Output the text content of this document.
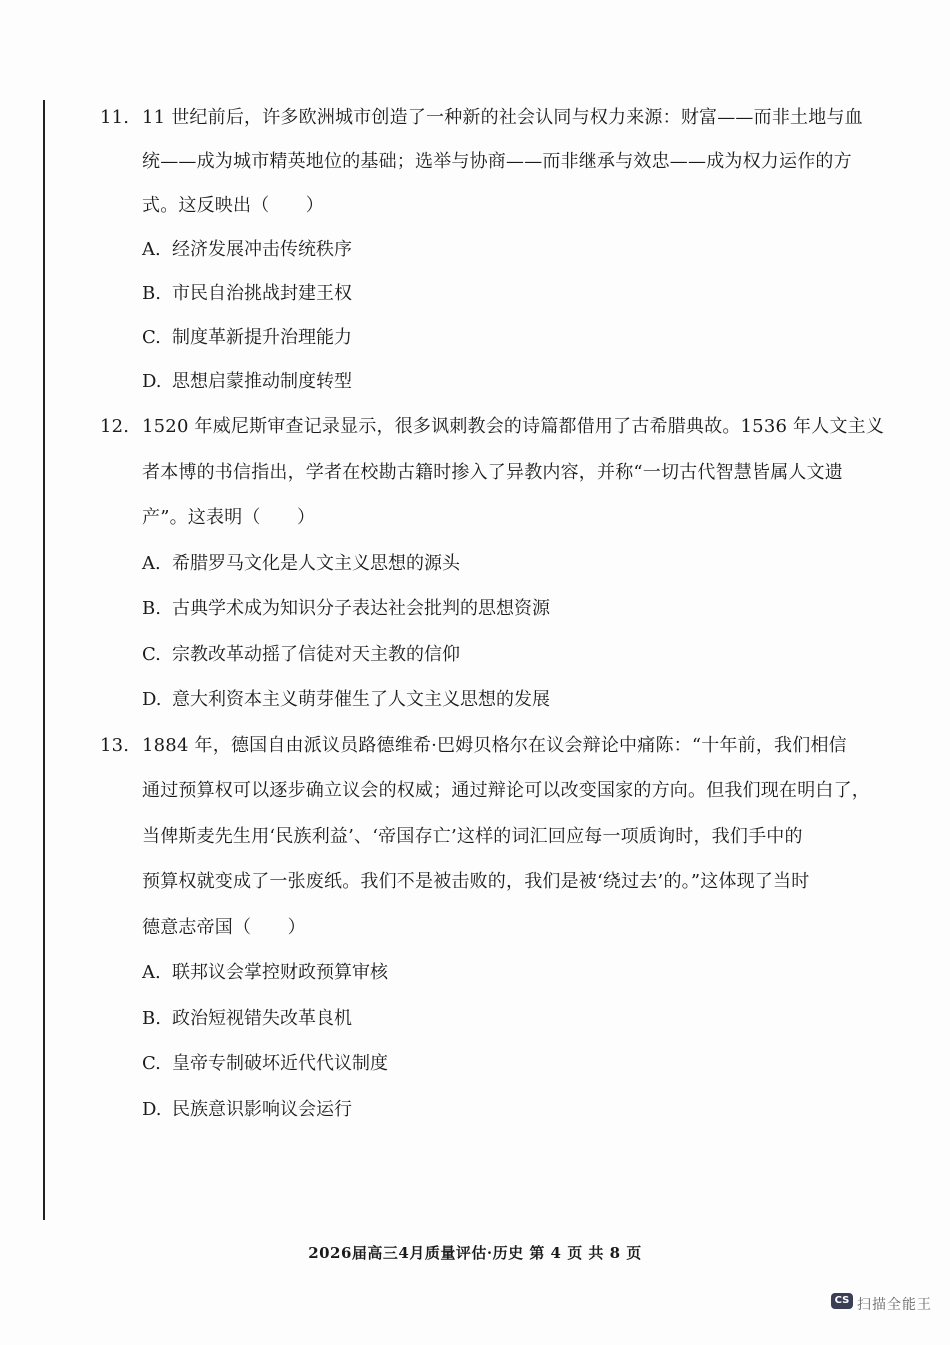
11. 11 世纪前后，许多欧洲城市创造了一种新的社会认同与权力来源：财富——而非土地与血
统——成为城市精英地位的基础；选举与协商——而非继承与效忠——成为权力运作的方
式。这反映出（　　）
A. 经济发展冲击传统秩序
B. 市民自治挑战封建王权
C. 制度革新提升治理能力
D. 思想启蒙推动制度转型
12. 1520 年威尼斯审查记录显示，很多讽刺教会的诗篇都借用了古希腊典故。1536 年人文主义
者本博的书信指出，学者在校勘古籍时掺入了异教内容，并称“一切古代智慧皆属人文遗
产”。这表明（　　）
A. 希腊罗马文化是人文主义思想的源头
B. 古典学术成为知识分子表达社会批判的思想资源
C. 宗教改革动摇了信徒对天主教的信仰
D. 意大利资本主义萌芽催生了人文主义思想的发展
13. 1884 年，德国自由派议员路德维希·巴姆贝格尔在议会辩论中痛陈：“十年前，我们相信
通过预算权可以逐步确立议会的权威；通过辩论可以改变国家的方向。但我们现在明白了，
当俾斯麦先生用‘民族利益’、‘帝国存亡’这样的词汇回应每一项质询时，我们手中的
预算权就变成了一张废纸。我们不是被击败的，我们是被‘绕过去’的。”这体现了当时
德意志帝国（　　）
A. 联邦议会掌控财政预算审核
B. 政治短视错失改革良机
C. 皇帝专制破坏近代代议制度
D. 民族意识影响议会运行
2026届高三4月质量评估·历史 第 4 页 共 8 页
CS 扫描全能王
